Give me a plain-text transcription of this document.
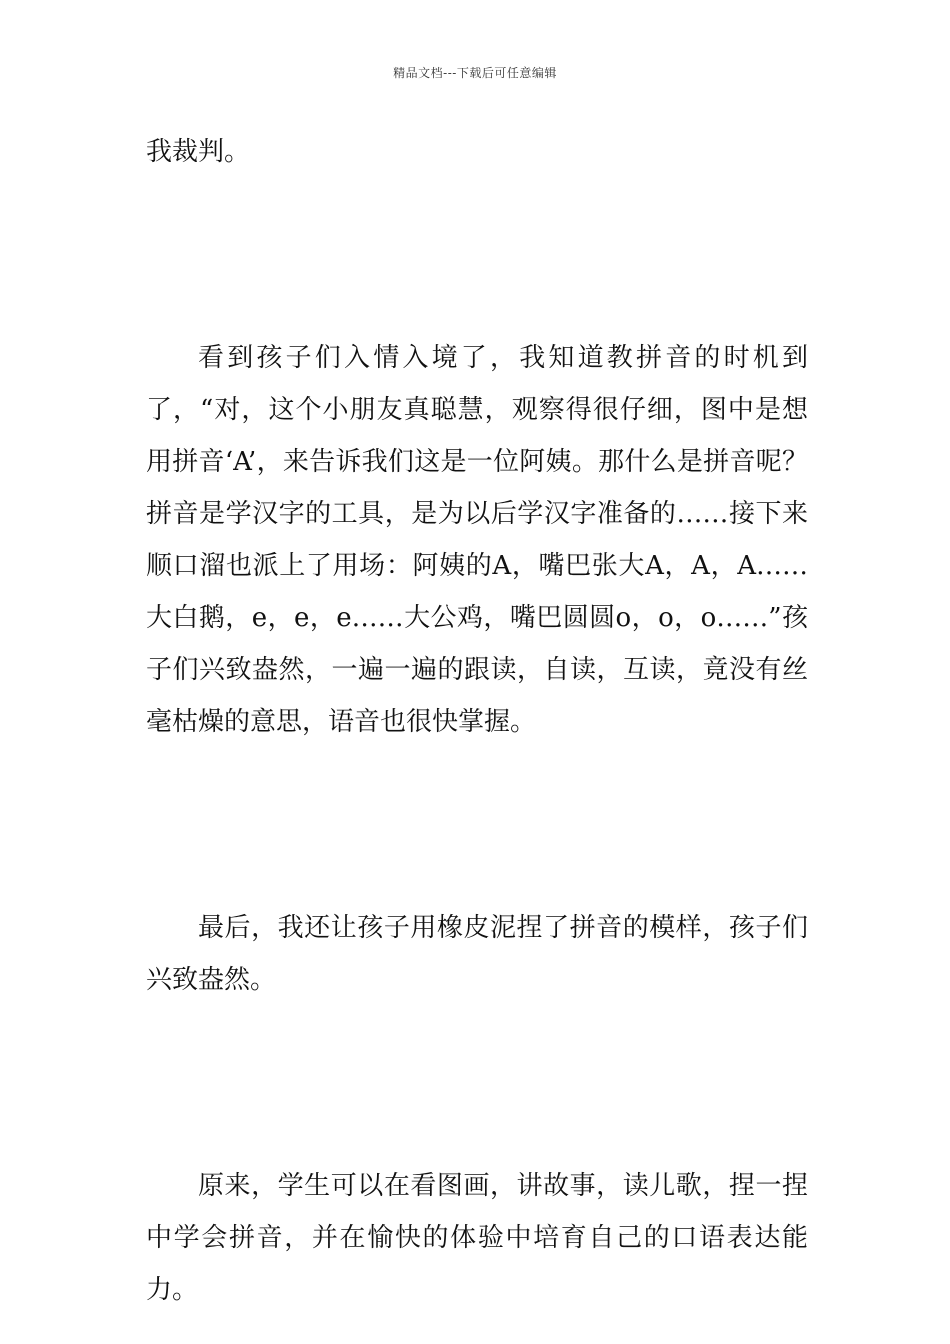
精品文档---下载后可任意编辑

我裁判。

看到孩子们入情入境了，我知道教拼音的时机到了，“对，这个小朋友真聪慧，观察得很仔细，图中是想用拼音‘A’，来告诉我们这是一位阿姨。那什么是拼音呢？拼音是学汉字的工具，是为以后学汉字准备的……接下来顺口溜也派上了用场：阿姨的A，嘴巴张大A，A，A……大白鹅，e，e，e……大公鸡，嘴巴圆圆o，o，o……”孩子们兴致盎然，一遍一遍的跟读，自读，互读，竟没有丝毫枯燥的意思，语音也很快掌握。

最后，我还让孩子用橡皮泥捏了拼音的模样，孩子们兴致盎然。

原来，学生可以在看图画，讲故事，读儿歌，捏一捏中学会拼音，并在愉快的体验中培育自己的口语表达能力。
